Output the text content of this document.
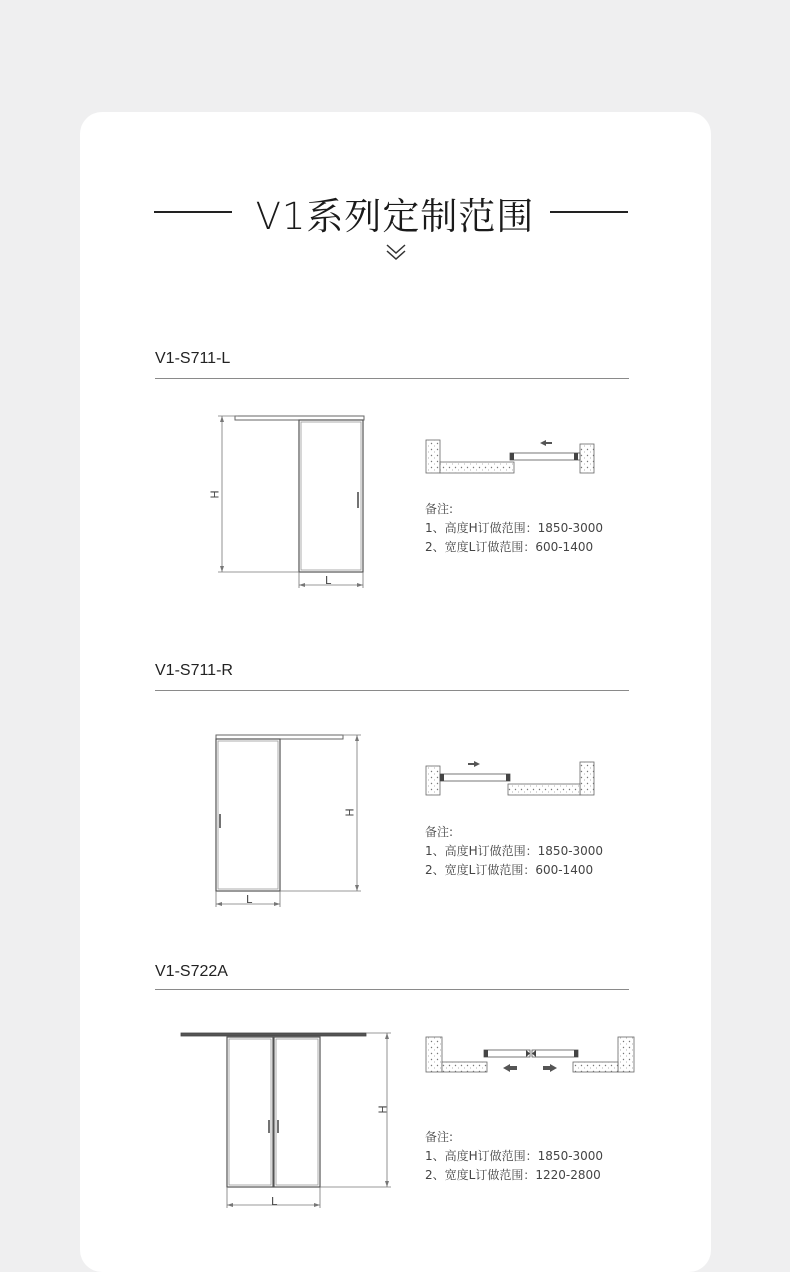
V1系列定制范围
V1-S711-L
H
L
备注:
1、高度H订做范围：1850-3000
2、宽度L订做范围：600-1400
V1-S711-R
H
L
备注:
1、高度H订做范围：1850-3000
2、宽度L订做范围：600-1400
V1-S722A
H
L
备注:
1、高度H订做范围：1850-3000
2、宽度L订做范围：1220-2800
